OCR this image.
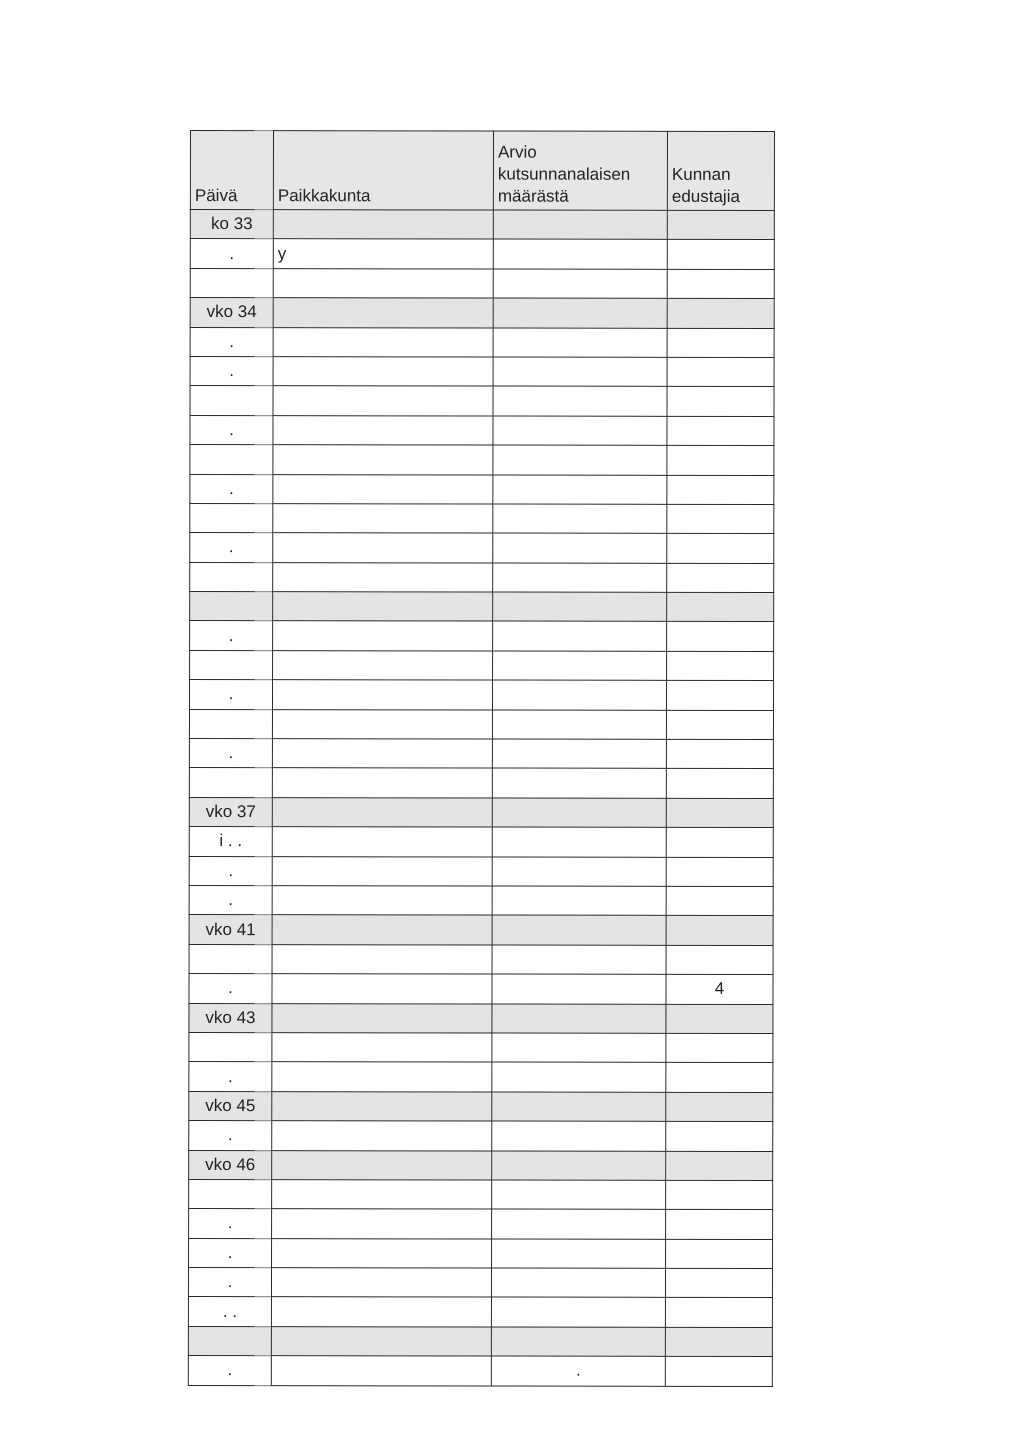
Päivä	Paikkakunta	Arvio
kutsunnanalaisen
määrästä	Kunnan
edustajia

ko 33			
.	y		

vko 34			
.			
.			

.			

.			

.			

.			

.			

.			

vko 37			
i . .			
.			
.			
vko 41			

.			4
vko 43			

.			
vko 45			
.			
vko 46			

.			
.			
.			
. .			

.		.	
